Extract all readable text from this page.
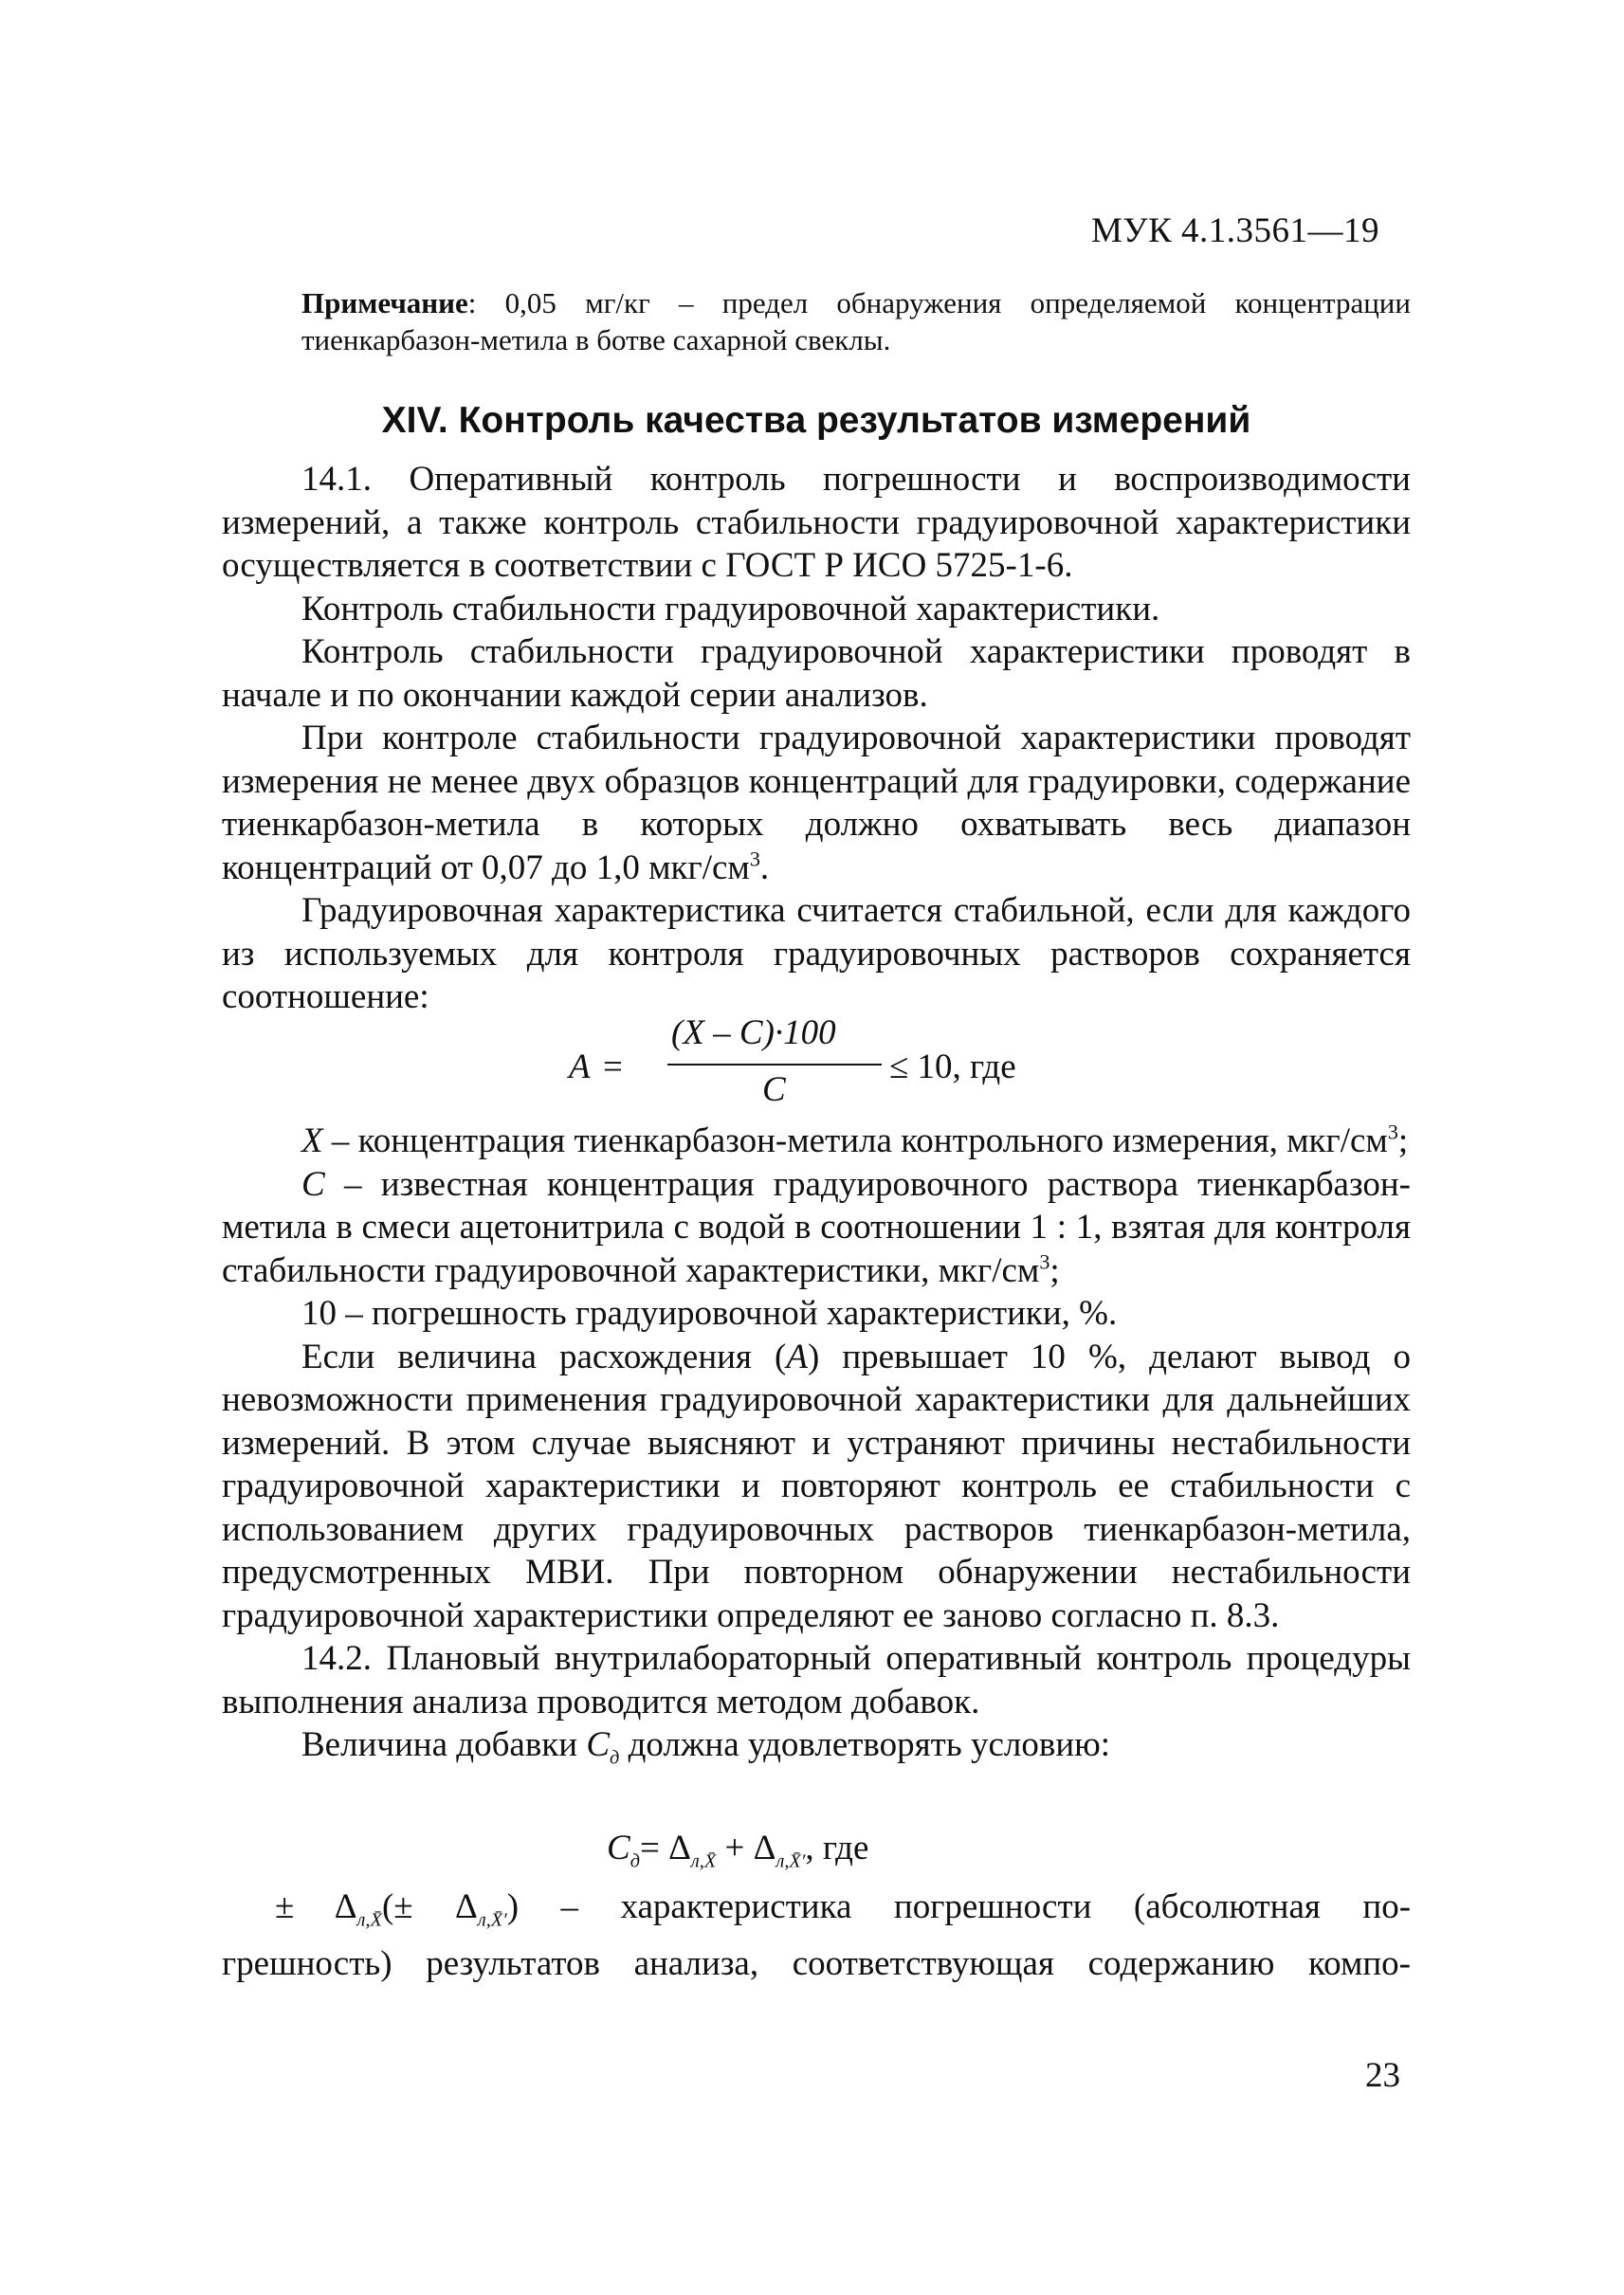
МУК 4.1.3561—19
Примечание: 0,05 мг/кг – предел обнаружения определяемой концентрации тиенкарбазон-метила в ботве сахарной свеклы.
XIV. Контроль качества результатов измерений

14.1. Оперативный контроль погрешности и воспроизводимости измерений, а также контроль стабильности градуировочной характеристики осуществляется в соответствии с ГОСТ Р ИСО 5725-1-6.

Контроль стабильности градуировочной характеристики.

Контроль стабильности градуировочной характеристики проводят в начале и по окончании каждой серии анализов.

При контроле стабильности градуировочной характеристики проводят измерения не менее двух образцов концентраций для градуировки, содержание тиенкарбазон-метила в которых должно охватывать весь диапазон концентраций от 0,07 до 1,0 мкг/$см^3$.

Градуировочная характеристика считается стабильной, если для каждого из используемых для контроля градуировочных растворов сохраняется соотношение:

A =
(X – C)·100
C
≤ 10, где

X – концентрация тиенкарбазон-метила контрольного измерения, мкг/$см^3$;

C – известная концентрация градуировочного раствора тиенкарбазон-метила в смеси ацетонитрила с водой в соотношении 1 : 1, взятая для контроля стабильности градуировочной характеристики, мкг/$см^3$;

10 – погрешность градуировочной характеристики, %.

Если величина расхождения (A) превышает 10 %, делают вывод о невозможности применения градуировочной характеристики для дальнейших измерений. В этом случае выясняют и устраняют причины нестабильности градуировочной характеристики и повторяют контроль ее стабильности с использованием других градуировочных растворов тиенкарбазон-метила, предусмотренных МВИ. При повторном обнаружении нестабильности градуировочной характеристики определяют ее заново согласно п. 8.3.

14.2. Плановый внутрилабораторный оперативный контроль процедуры выполнения анализа проводится методом добавок.

Величина добавки $C_д$ должна удовлетворять условию:

$C_д= \Delta_{л,X̄} + \Delta_{л,X̄'}$, где
± $\Delta_{л,X̄}(\pm \Delta_{л,X̄'})$ – характеристика погрешности (абсолютная по-
грешность) результатов анализа, соответствующая содержанию компо-
23
